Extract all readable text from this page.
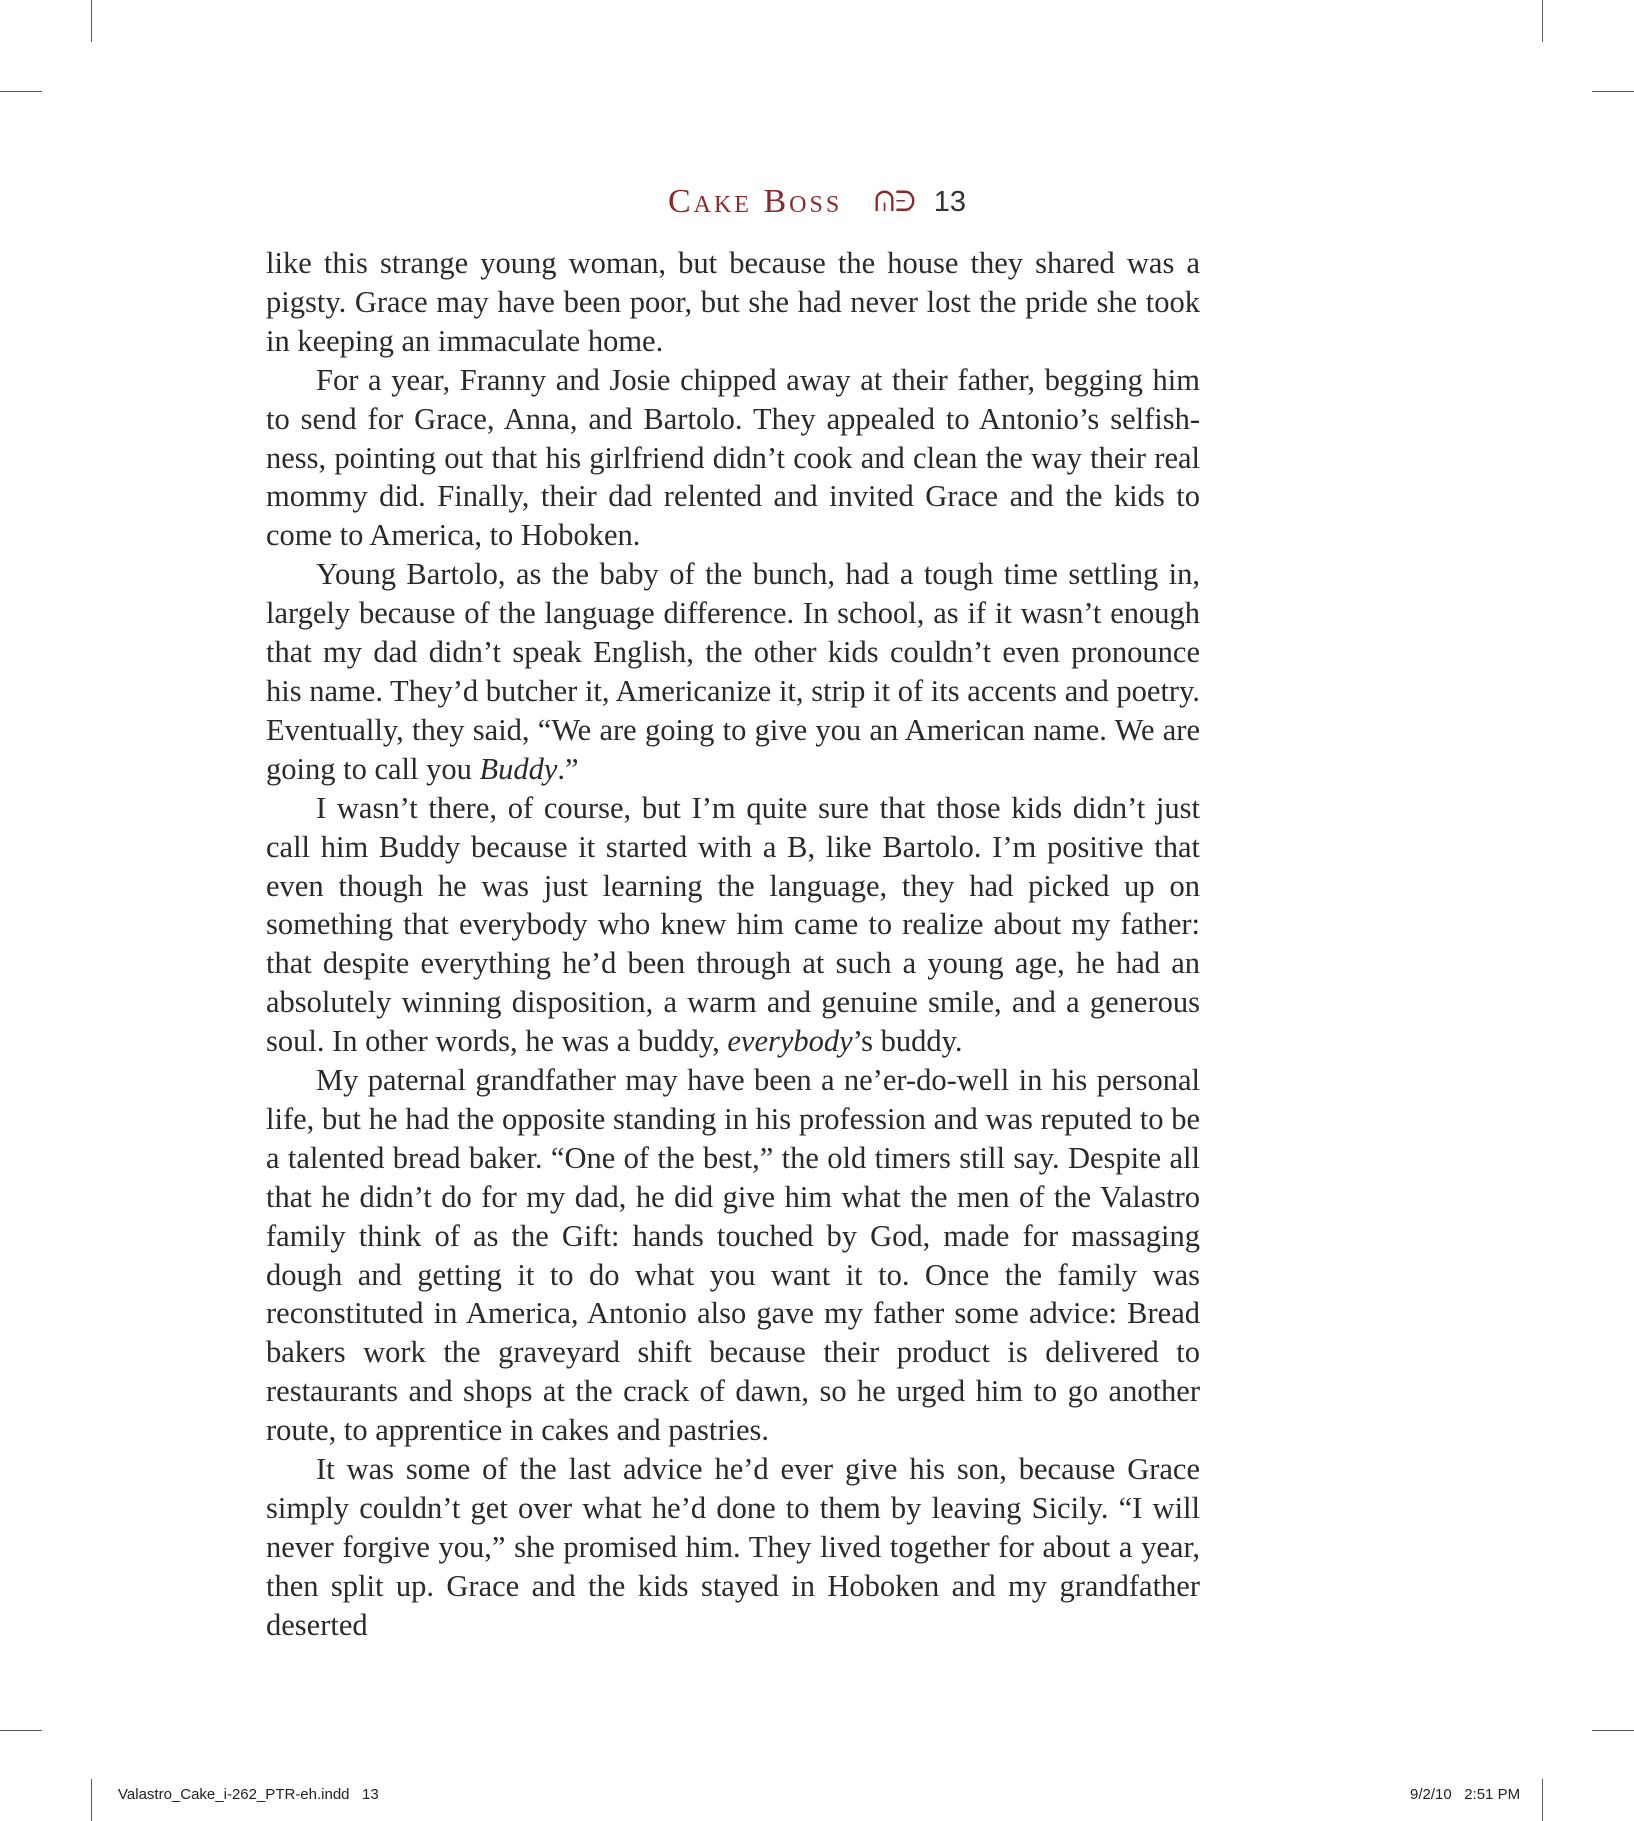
Cake Boss ᕬᕭ 13

like this strange young woman, but because the house they shared was a pigsty. Grace may have been poor, but she had never lost the pride she took in keeping an immaculate home.

For a year, Franny and Josie chipped away at their father, begging him to send for Grace, Anna, and Bartolo. They appealed to Antonio’s selfishness, pointing out that his girlfriend didn’t cook and clean the way their real mommy did. Finally, their dad relented and invited Grace and the kids to come to America, to Hoboken.

Young Bartolo, as the baby of the bunch, had a tough time settling in, largely because of the language difference. In school, as if it wasn’t enough that my dad didn’t speak English, the other kids couldn’t even pronounce his name. They’d butcher it, Americanize it, strip it of its accents and poetry. Eventually, they said, “We are going to give you an American name. We are going to call you Buddy.”

I wasn’t there, of course, but I’m quite sure that those kids didn’t just call him Buddy because it started with a B, like Bartolo. I’m positive that even though he was just learning the language, they had picked up on something that everybody who knew him came to realize about my father: that despite everything he’d been through at such a young age, he had an absolutely winning disposition, a warm and genuine smile, and a generous soul. In other words, he was a buddy, everybody’s buddy.

My paternal grandfather may have been a ne’er-do-well in his personal life, but he had the opposite standing in his profession and was reputed to be a talented bread baker. “One of the best,” the old timers still say. Despite all that he didn’t do for my dad, he did give him what the men of the Valastro family think of as the Gift: hands touched by God, made for massaging dough and getting it to do what you want it to. Once the family was reconstituted in America, Antonio also gave my father some advice: Bread bakers work the graveyard shift because their product is delivered to restaurants and shops at the crack of dawn, so he urged him to go another route, to apprentice in cakes and pastries.

It was some of the last advice he’d ever give his son, because Grace simply couldn’t get over what he’d done to them by leaving Sicily. “I will never forgive you,” she promised him. They lived together for about a year, then split up. Grace and the kids stayed in Hoboken and my grandfather deserted

Valastro_Cake_i-262_PTR-eh.indd   13	9/2/10   2:51 PM
